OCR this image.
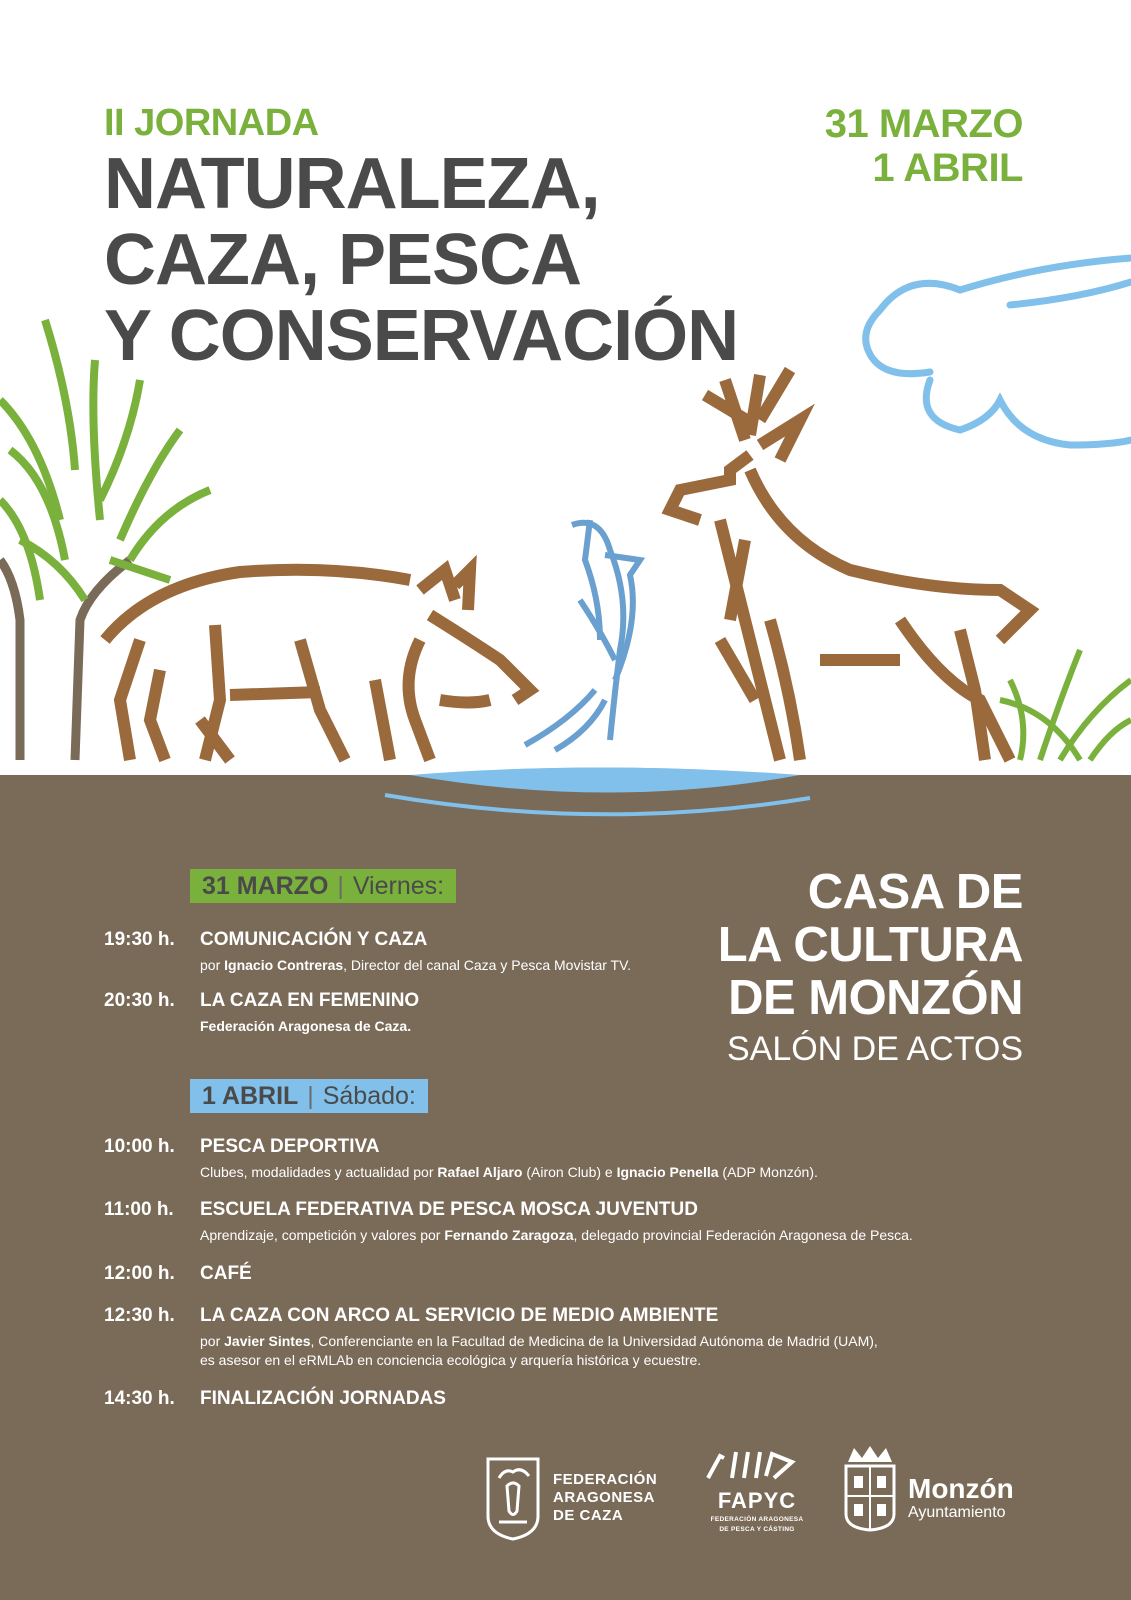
II JORNADA
NATURALEZA,
CAZA, PESCA
Y CONSERVACIÓN
31 MARZO
1 ABRIL
31 MARZO | Viernes:
19:30 h. COMUNICACIÓN Y CAZA
por Ignacio Contreras, Director del canal Caza y Pesca Movistar TV.
20:30 h. LA CAZA EN FEMENINO
Federación Aragonesa de Caza.
CASA DE
LA CULTURA
DE MONZÓN
SALÓN DE ACTOS
1 ABRIL | Sábado:
10:00 h. PESCA DEPORTIVA
Clubes, modalidades y actualidad por Rafael Aljaro (Airon Club) e Ignacio Penella (ADP Monzón).
11:00 h. ESCUELA FEDERATIVA DE PESCA MOSCA JUVENTUD
Aprendizaje, competición y valores por Fernando Zaragoza, delegado provincial Federación Aragonesa de Pesca.
12:00 h. CAFÉ
12:30 h. LA CAZA CON ARCO AL SERVICIO DE MEDIO AMBIENTE
por Javier Sintes, Conferenciante en la Facultad de Medicina de la Universidad Autónoma de Madrid (UAM),
es asesor en el eRMLAb en conciencia ecológica y arquería histórica y ecuestre.
14:30 h. FINALIZACIÓN JORNADAS
FEDERACIÓN
ARAGONESA
DE CAZA
FAPYC
FEDERACIÓN ARAGONESA
DE PESCA Y CÁSTING
Monzón
Ayuntamiento
